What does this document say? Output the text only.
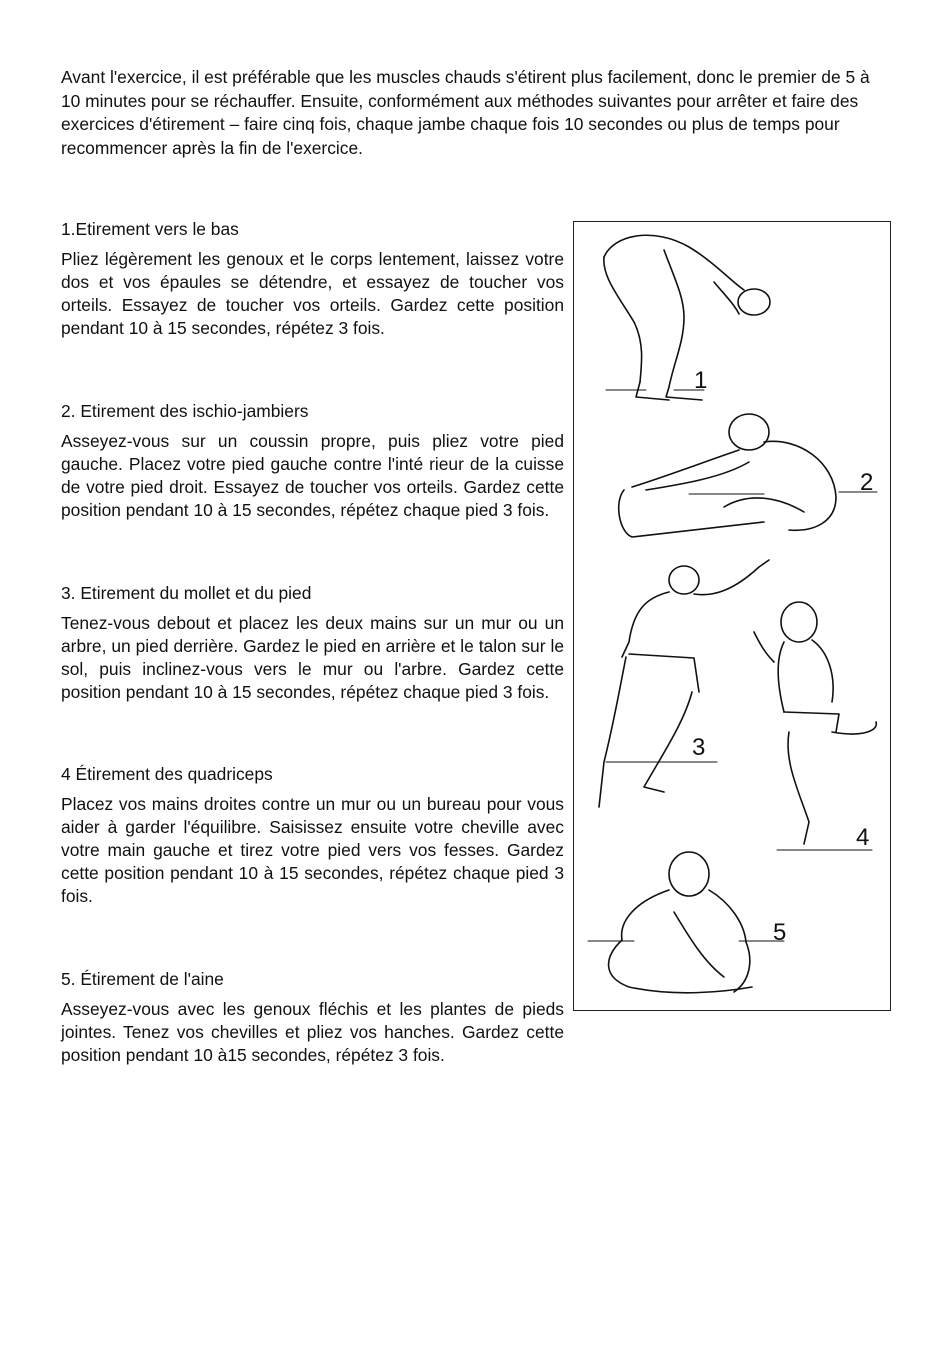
Avant l'exercice, il est préférable que les muscles chauds s'étirent plus facilement, donc le premier de 5 à 10 minutes pour se réchauffer. Ensuite, conformément aux méthodes suivantes pour arrêter et faire des exercices d'étirement – faire cinq fois, chaque jambe chaque fois 10 secondes ou plus de temps pour recommencer après la fin de l'exercice.

1.Etirement vers le bas

Pliez légèrement les genoux et le corps lentement, laissez votre dos et vos épaules se détendre, et essayez de toucher vos orteils. Essayez de toucher vos orteils. Gardez cette position pendant 10 à 15 secondes, répétez 3 fois.

2. Etirement des ischio-jambiers

Asseyez-vous sur un coussin propre, puis pliez votre pied gauche. Placez votre pied gauche contre l'inté rieur de la cuisse de votre pied droit. Essayez de toucher vos orteils. Gardez cette position pendant 10 à 15 secondes, répétez chaque pied 3 fois.

3. Etirement du mollet et du pied

Tenez-vous debout et placez les deux mains sur un mur ou un arbre, un pied derrière. Gardez le pied en arrière et le talon sur le sol, puis inclinez-vous vers le mur ou l'arbre. Gardez cette position pendant 10 à 15 secondes, répétez chaque pied 3 fois.

4 Étirement des quadriceps

Placez vos mains droites contre un mur ou un bureau pour vous aider à garder l'équilibre. Saisissez ensuite votre cheville avec votre main gauche et tirez votre pied vers vos fesses. Gardez cette position pendant 10 à 15 secondes, répétez chaque pied 3 fois.

5. Étirement de l'aine

Asseyez-vous avec les genoux fléchis et les plantes de pieds jointes. Tenez vos chevilles et pliez vos hanches. Gardez cette position pendant 10 à15 secondes, répétez 3 fois.

1
2
3
4
5
